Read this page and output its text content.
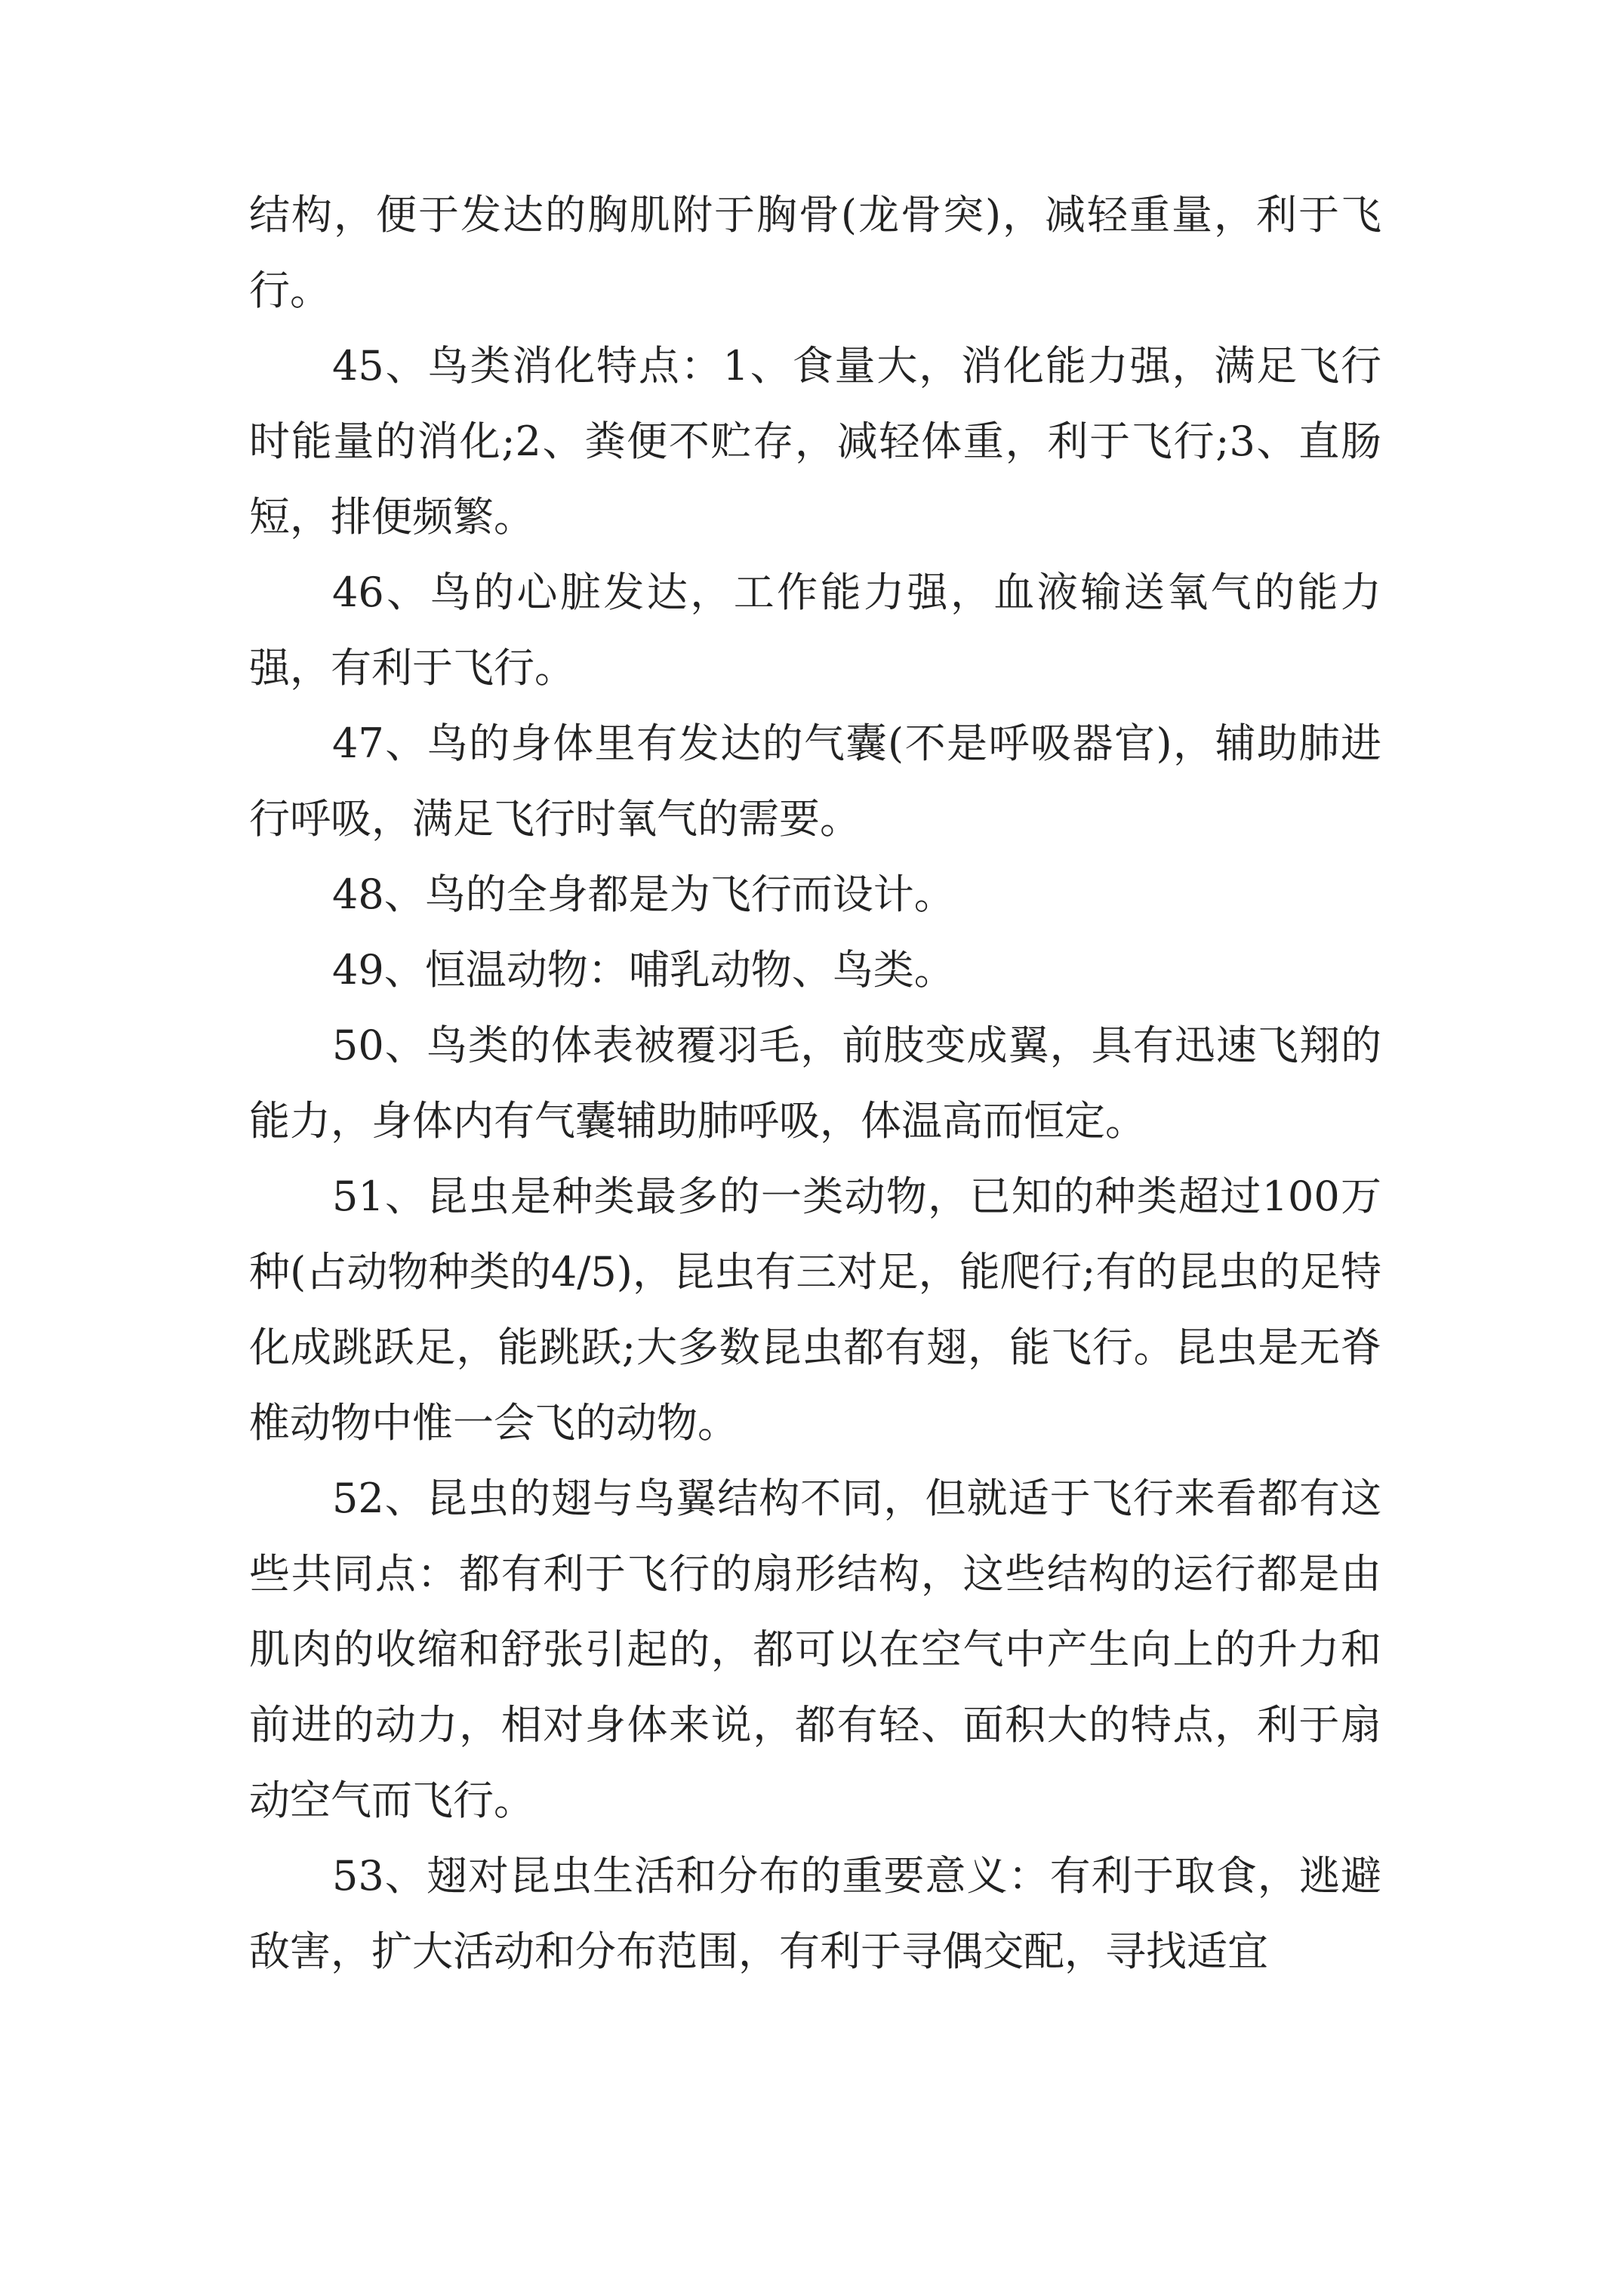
结构，便于发达的胸肌附于胸骨(龙骨突)，减轻重量，利于飞行。

45、鸟类消化特点：1、食量大，消化能力强，满足飞行时能量的消化;2、粪便不贮存，减轻体重，利于飞行;3、直肠短，排便频繁。

46、鸟的心脏发达，工作能力强，血液输送氧气的能力强，有利于飞行。

47、鸟的身体里有发达的气囊(不是呼吸器官)，辅助肺进行呼吸，满足飞行时氧气的需要。

48、鸟的全身都是为飞行而设计。

49、恒温动物：哺乳动物、鸟类。

50、鸟类的体表被覆羽毛，前肢变成翼，具有迅速飞翔的能力，身体内有气囊辅助肺呼吸，体温高而恒定。

51、昆虫是种类最多的一类动物，已知的种类超过100万种(占动物种类的4/5)，昆虫有三对足，能爬行;有的昆虫的足特化成跳跃足，能跳跃;大多数昆虫都有翅，能飞行。昆虫是无脊椎动物中惟一会飞的动物。

52、昆虫的翅与鸟翼结构不同，但就适于飞行来看都有这些共同点：都有利于飞行的扇形结构，这些结构的运行都是由肌肉的收缩和舒张引起的，都可以在空气中产生向上的升力和前进的动力，相对身体来说，都有轻、面积大的特点，利于扇动空气而飞行。

53、翅对昆虫生活和分布的重要意义：有利于取食，逃避敌害，扩大活动和分布范围，有利于寻偶交配，寻找适宜
